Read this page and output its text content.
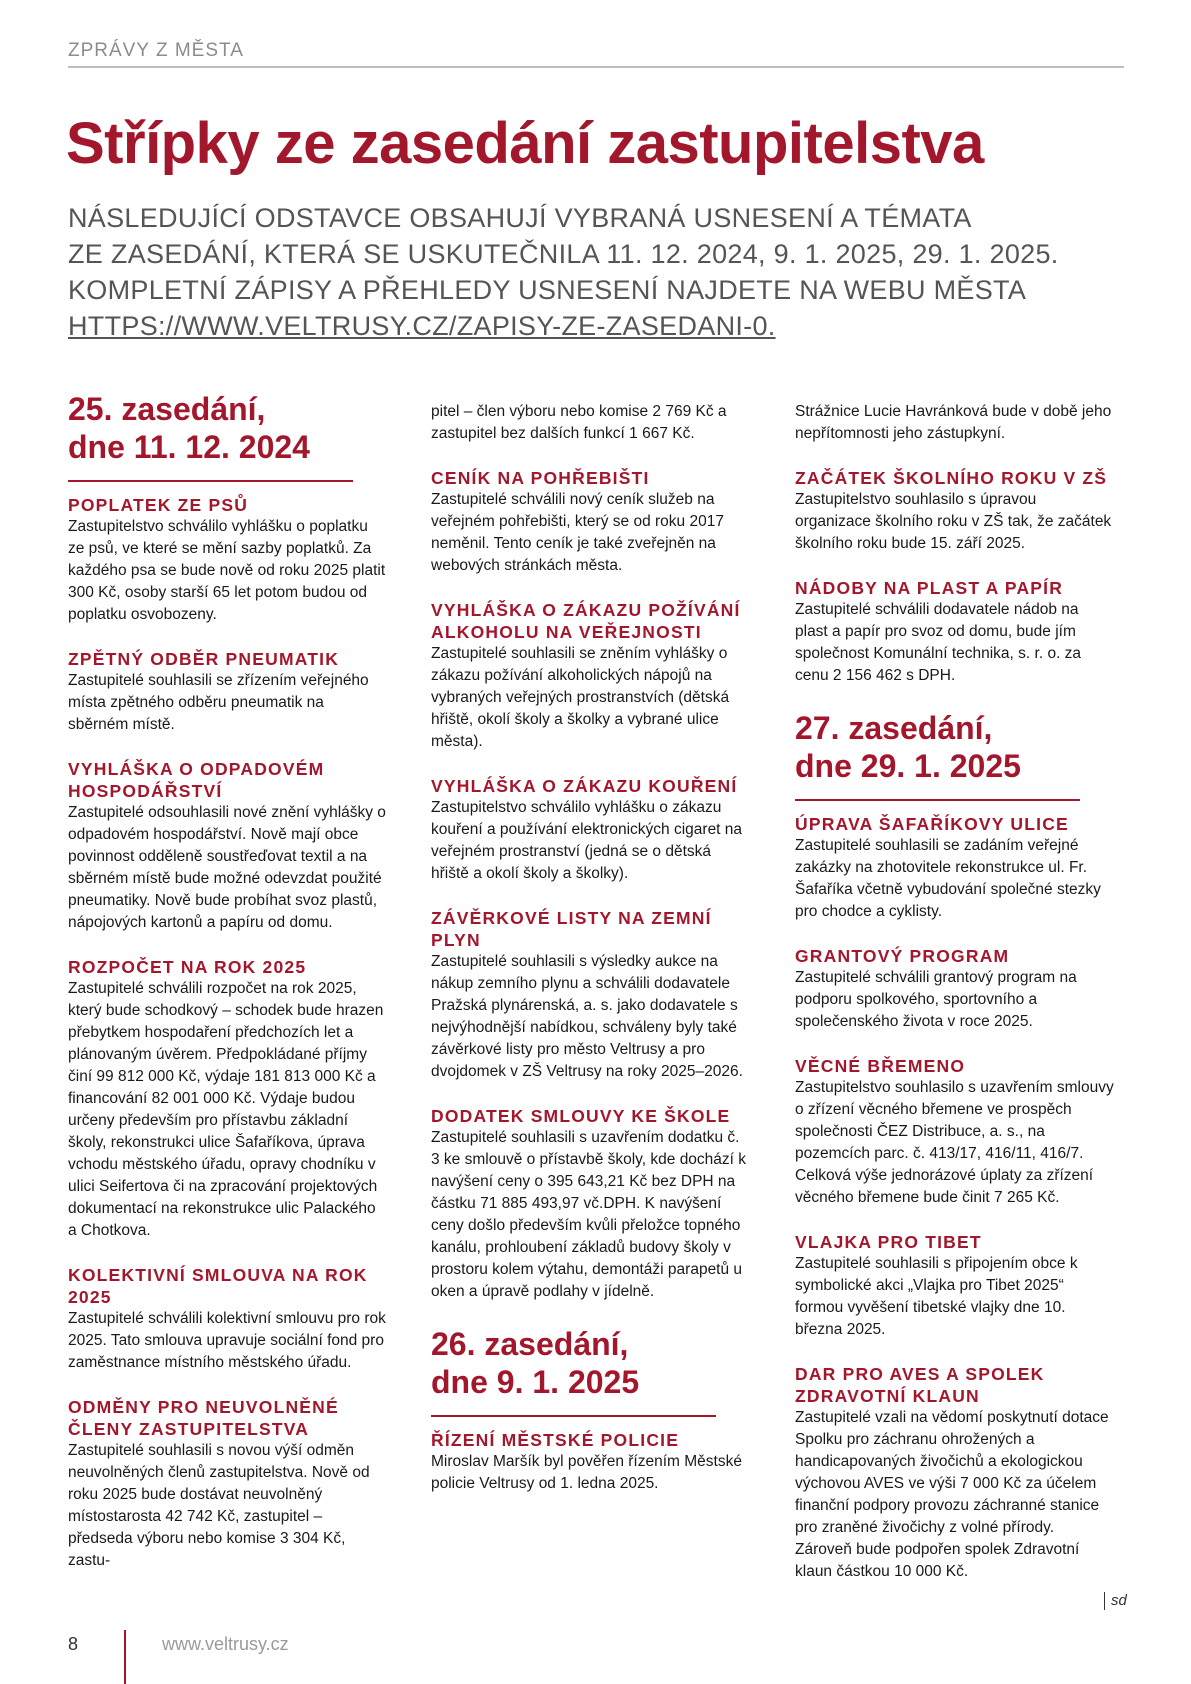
ZPRÁVY Z MĚSTA
Střípky ze zasedání zastupitelstva

NÁSLEDUJÍCÍ ODSTAVCE OBSAHUJÍ VYBRANÁ USNESENÍ A TÉMATA
ZE ZASEDÁNÍ, KTERÁ SE USKUTEČNILA 11. 12. 2024, 9. 1. 2025, 29. 1. 2025.
KOMPLETNÍ ZÁPISY A PŘEHLEDY USNESENÍ NAJDETE NA WEBU MĚSTA
HTTPS://WWW.VELTRUSY.CZ/ZAPISY-ZE-ZASEDANI-0.

25. zasedání,
dne 11. 12. 2024
POPLATEK ZE PSŮ

Zastupitelstvo schválilo vyhlášku o poplatku ze psů, ve které se mění sazby poplatků. Za každého psa se bude nově od roku 2025 platit 300 Kč, osoby starší 65 let potom budou od poplatku osvobozeny.

ZPĚTNÝ ODBĚR PNEUMATIK

Zastupitelé souhlasili se zřízením veřejného místa zpětného odběru pneumatik na sběrném místě.

VYHLÁŠKA O ODPADOVÉM HOSPODÁŘSTVÍ

Zastupitelé odsouhlasili nové znění vyhlášky o odpadovém hospodářství. Nově mají obce povinnost odděleně soustřeďovat textil a na sběrném místě bude možné odevzdat použité pneumatiky. Nově bude probíhat svoz plastů, nápojových kartonů a papíru od domu.

ROZPOČET NA ROK 2025

Zastupitelé schválili rozpočet na rok 2025, který bude schodkový – schodek bude hrazen přebytkem hospodaření předchozích let a plánovaným úvěrem. Předpokládané příjmy činí 99 812 000 Kč, výdaje 181 813 000 Kč a financování 82 001 000 Kč. Výdaje budou určeny především pro přístavbu základní školy, rekonstrukci ulice Šafaříkova, úprava vchodu městského úřadu, opravy chodníku v ulici Seifertova či na zpracování projektových dokumentací na rekonstrukce ulic Palackého a Chotkova.

KOLEKTIVNÍ SMLOUVA NA ROK 2025

Zastupitelé schválili kolektivní smlouvu pro rok 2025. Tato smlouva upravuje sociální fond pro zaměstnance místního městského úřadu.

ODMĚNY PRO NEUVOLNĚNÉ ČLENY ZASTUPITELSTVA

Zastupitelé souhlasili s novou výší odměn neuvolněných členů zastupitelstva. Nově od roku 2025 bude dostávat neuvolněný místostarosta 42 742 Kč, zastupitel – předseda výboru nebo komise 3 304 Kč, zastu-

pitel – člen výboru nebo komise 2 769 Kč a zastupitel bez dalších funkcí 1 667 Kč.

CENÍK NA POHŘEBIŠTI

Zastupitelé schválili nový ceník služeb na veřejném pohřebišti, který se od roku 2017 neměnil. Tento ceník je také zveřejněn na webových stránkách města.

VYHLÁŠKA O ZÁKAZU POŽÍVÁNÍ ALKOHOLU NA VEŘEJNOSTI

Zastupitelé souhlasili se zněním vyhlášky o zákazu požívání alkoholických nápojů na vybraných veřejných prostranstvích (dětská hřiště, okolí školy a školky a vybrané ulice města).

VYHLÁŠKA O ZÁKAZU KOUŘENÍ

Zastupitelstvo schválilo vyhlášku o zákazu kouření a používání elektronických cigaret na veřejném prostranství (jedná se o dětská hřiště a okolí školy a školky).

ZÁVĚRKOVÉ LISTY NA ZEMNÍ PLYN

Zastupitelé souhlasili s výsledky aukce na nákup zemního plynu a schválili dodavatele Pražská plynárenská, a. s. jako dodavatele s nejvýhodnější nabídkou, schváleny byly také závěrkové listy pro město Veltrusy a pro dvojdomek v ZŠ Veltrusy na roky 2025–2026.

DODATEK SMLOUVY KE ŠKOLE

Zastupitelé souhlasili s uzavřením dodatku č. 3 ke smlouvě o přístavbě školy, kde dochází k navýšení ceny o 395 643,21 Kč bez DPH na částku 71 885 493,97 vč.DPH. K navýšení ceny došlo především kvůli přeložce topného kanálu, prohloubení základů budovy školy v prostoru kolem výtahu, demontáži parapetů u oken a úpravě podlahy v jídelně.

26. zasedání,
dne 9. 1. 2025
ŘÍZENÍ MĚSTSKÉ POLICIE

Miroslav Maršík byl pověřen řízením Městské policie Veltrusy od 1. ledna 2025.

Strážnice Lucie Havránková bude v době jeho nepřítomnosti jeho zástupkyní.

ZAČÁTEK ŠKOLNÍHO ROKU V ZŠ

Zastupitelstvo souhlasilo s úpravou organizace školního roku v ZŠ tak, že začátek školního roku bude 15. září 2025.

NÁDOBY NA PLAST A PAPÍR

Zastupitelé schválili dodavatele nádob na plast a papír pro svoz od domu, bude jím společnost Komunální technika, s. r. o. za cenu 2 156 462 s DPH.

27. zasedání,
dne 29. 1. 2025
ÚPRAVA ŠAFAŘÍKOVY ULICE

Zastupitelé souhlasili se zadáním veřejné zakázky na zhotovitele rekonstrukce ul. Fr. Šafaříka včetně vybudování společné stezky pro chodce a cyklisty.

GRANTOVÝ PROGRAM

Zastupitelé schválili grantový program na podporu spolkového, sportovního a společenského života v roce 2025.

VĚCNÉ BŘEMENO

Zastupitelstvo souhlasilo s uzavřením smlouvy o zřízení věcného břemene ve prospěch společnosti ČEZ Distribuce, a. s., na pozemcích parc. č. 413/17, 416/11, 416/7. Celková výše jednorázové úplaty za zřízení věcného břemene bude činit 7 265 Kč.

VLAJKA PRO TIBET

Zastupitelé souhlasili s připojením obce k symbolické akci „Vlajka pro Tibet 2025“ formou vyvěšení tibetské vlajky dne 10. března 2025.

DAR PRO AVES A SPOLEK ZDRAVOTNÍ KLAUN

Zastupitelé vzali na vědomí poskytnutí dotace Spolku pro záchranu ohrožených a handicapovaných živočichů a ekologickou výchovou AVES ve výši 7 000 Kč za účelem finanční podpory provozu záchranné stanice pro zraněné živočichy z volné přírody. Zároveň bude podpořen spolek Zdravotní klaun částkou 10 000 Kč.

sd
8	www.veltrusy.cz
